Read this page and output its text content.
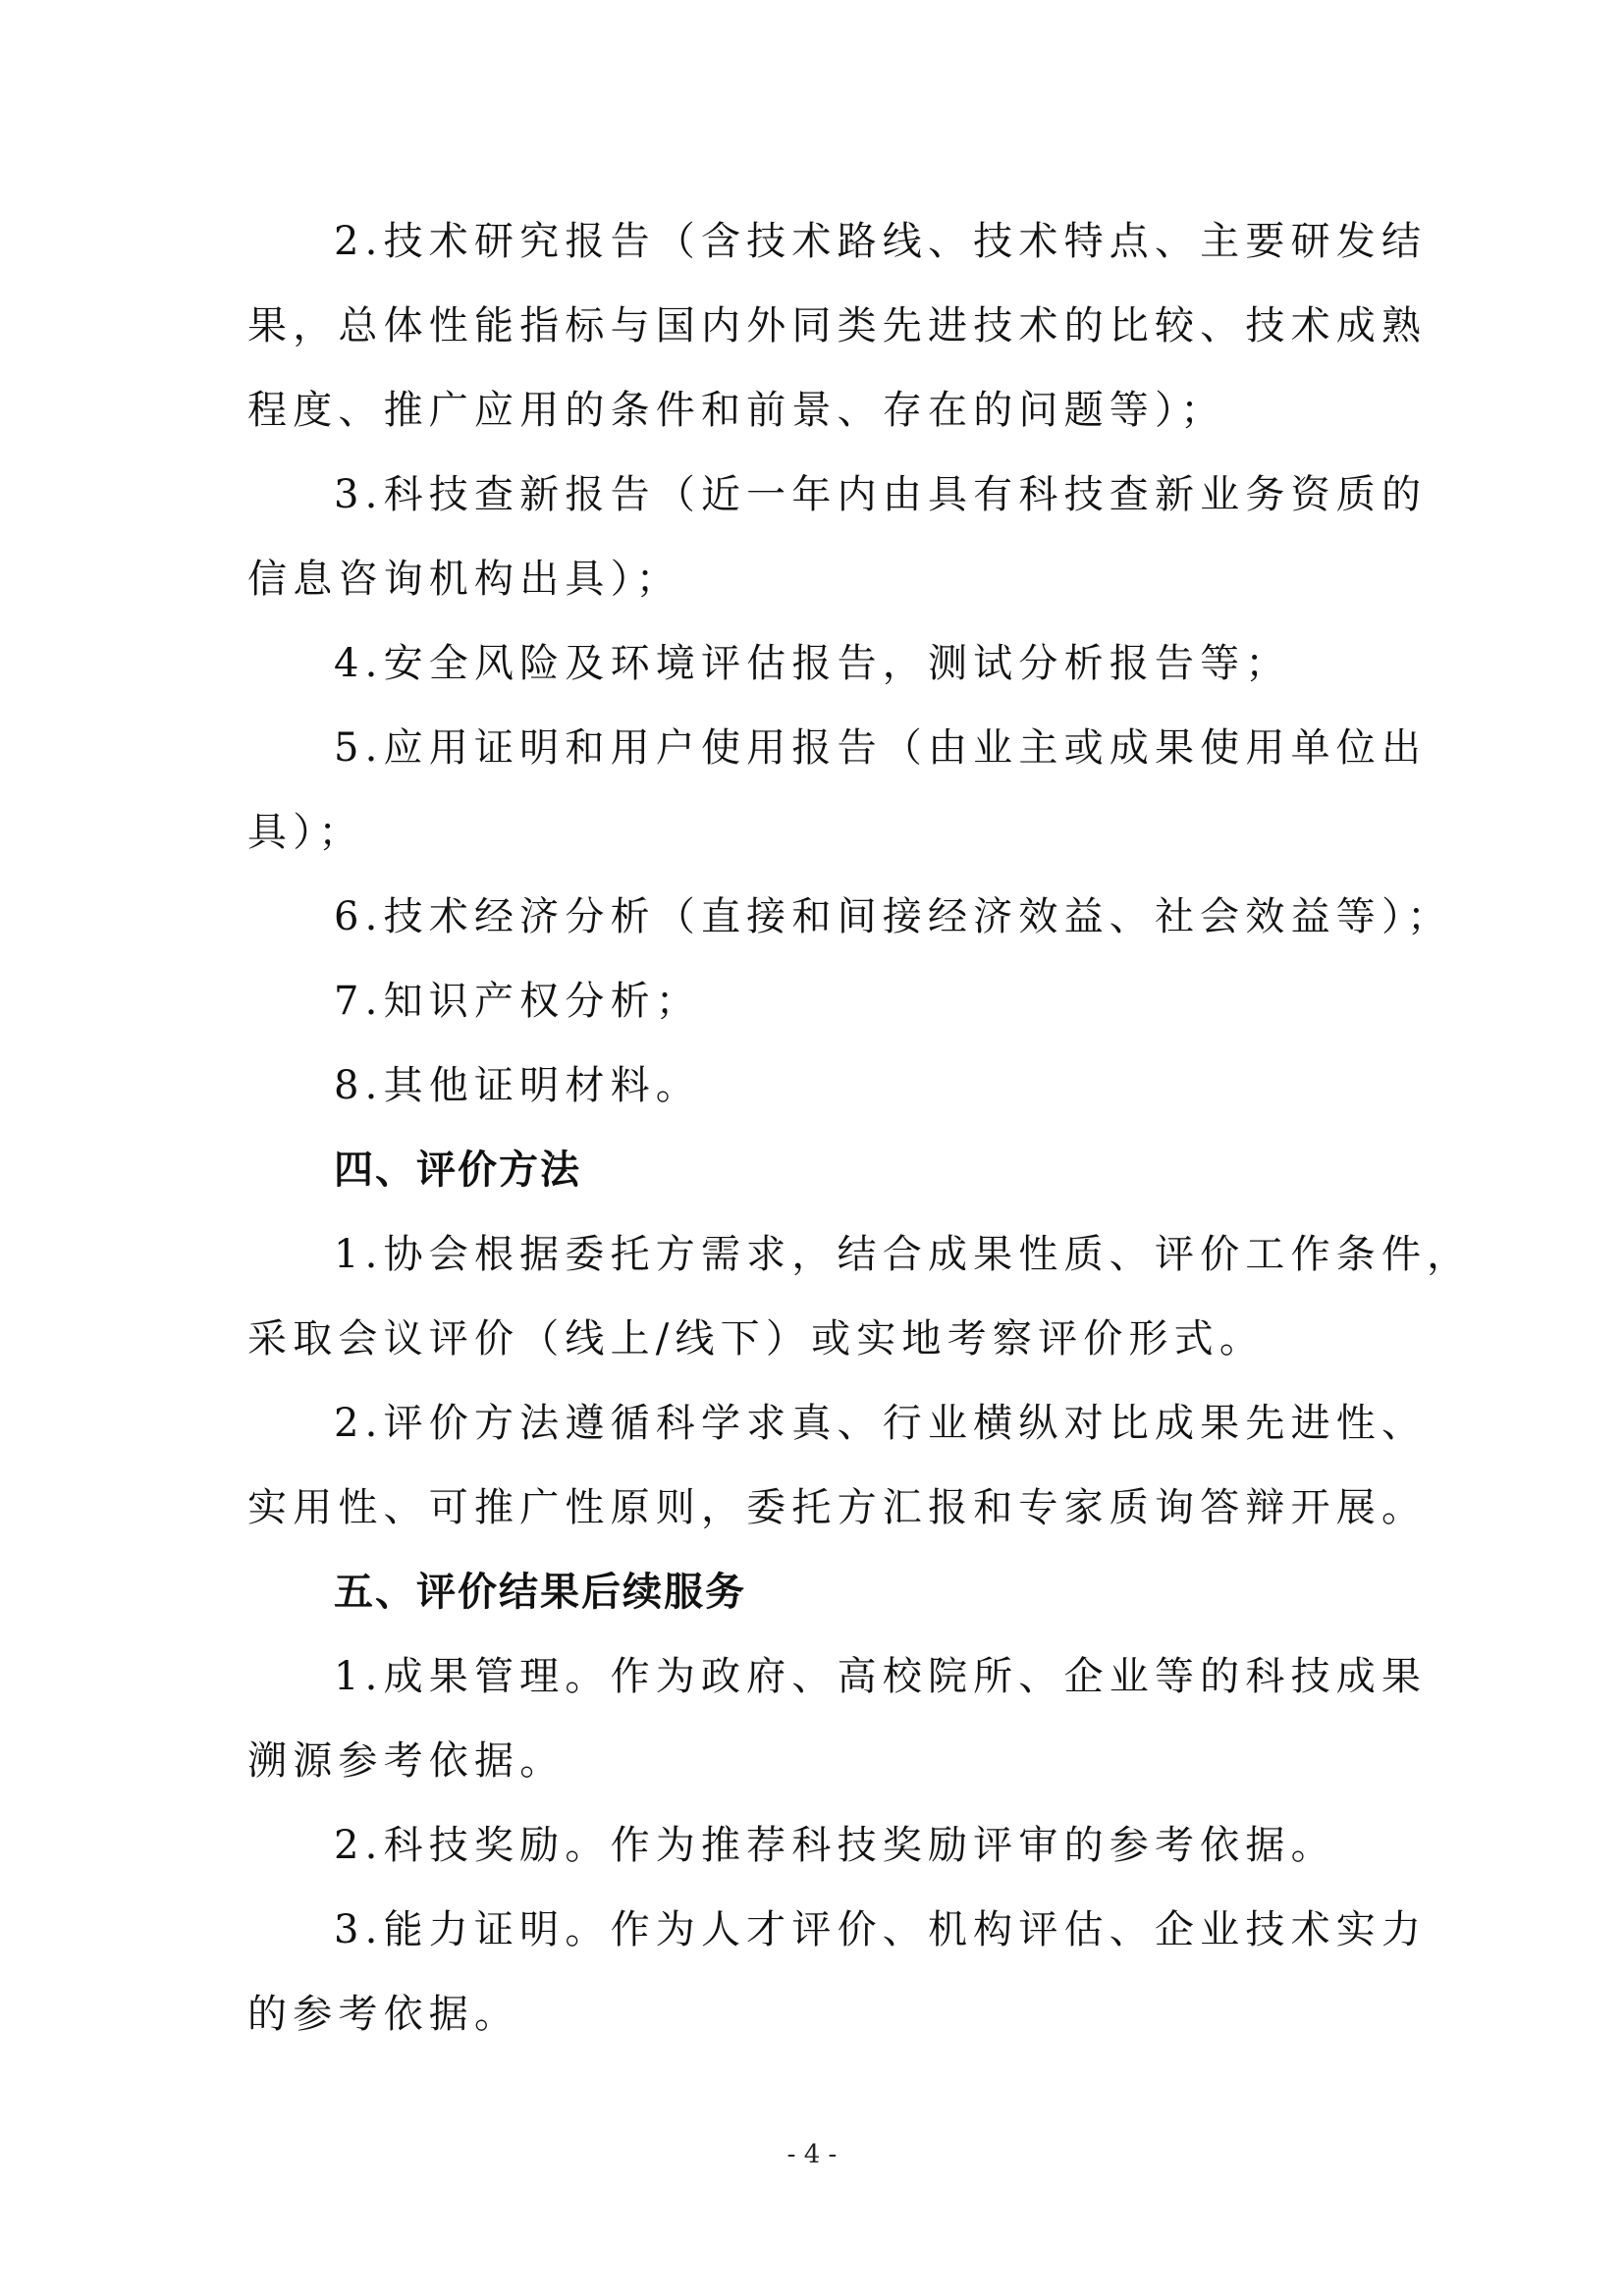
2.技术研究报告（含技术路线、技术特点、主要研发结
果，总体性能指标与国内外同类先进技术的比较、技术成熟
程度、推广应用的条件和前景、存在的问题等）；
3.科技查新报告（近一年内由具有科技查新业务资质的
信息咨询机构出具）；
4.安全风险及环境评估报告，测试分析报告等；
5.应用证明和用户使用报告（由业主或成果使用单位出
具）；
6.技术经济分析（直接和间接经济效益、社会效益等）；
7.知识产权分析；
8.其他证明材料。
四、评价方法
1.协会根据委托方需求，结合成果性质、评价工作条件，
采取会议评价（线上/线下）或实地考察评价形式。
2.评价方法遵循科学求真、行业横纵对比成果先进性、
实用性、可推广性原则，委托方汇报和专家质询答辩开展。
五、评价结果后续服务
1.成果管理。作为政府、高校院所、企业等的科技成果
溯源参考依据。
2.科技奖励。作为推荐科技奖励评审的参考依据。
3.能力证明。作为人才评价、机构评估、企业技术实力
的参考依据。
- 4 -
